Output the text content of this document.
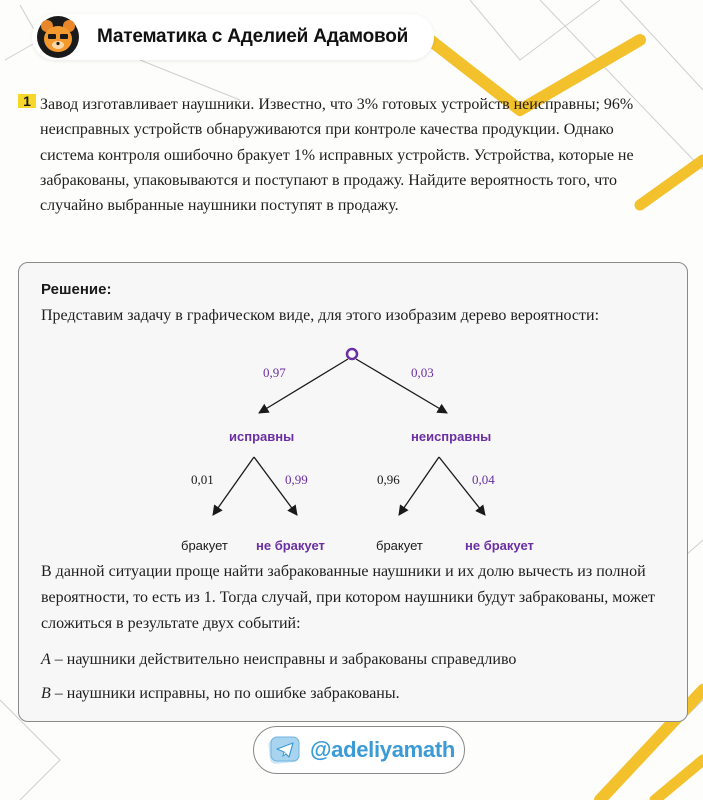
Математика с Аделией Адамовой
1 Завод изготавливает наушники. Известно, что 3% готовых устройств неисправны; 96% неисправных устройств обнаруживаются при контроле качества продукции. Однако система контроля ошибочно бракует 1% исправных устройств. Устройства, которые не забракованы, упаковываются и поступают в продажу. Найдите вероятность того, что случайно выбранные наушники поступят в продажу.
Решение:
Представим задачу в графическом виде, для этого изобразим дерево вероятности:
0,97	0,03
исправны	неисправны
0,01	0,99	0,96	0,04
бракует не бракует	бракует	не бракует
В данной ситуации проще найти забракованные наушники и их долю вычесть из полной вероятности, то есть из 1. Тогда случай, при котором наушники будут забракованы, может сложиться в результате двух событий:
A – наушники действительно неисправны и забракованы справедливо
B – наушники исправны, но по ошибке забракованы.
@adeliyamath
